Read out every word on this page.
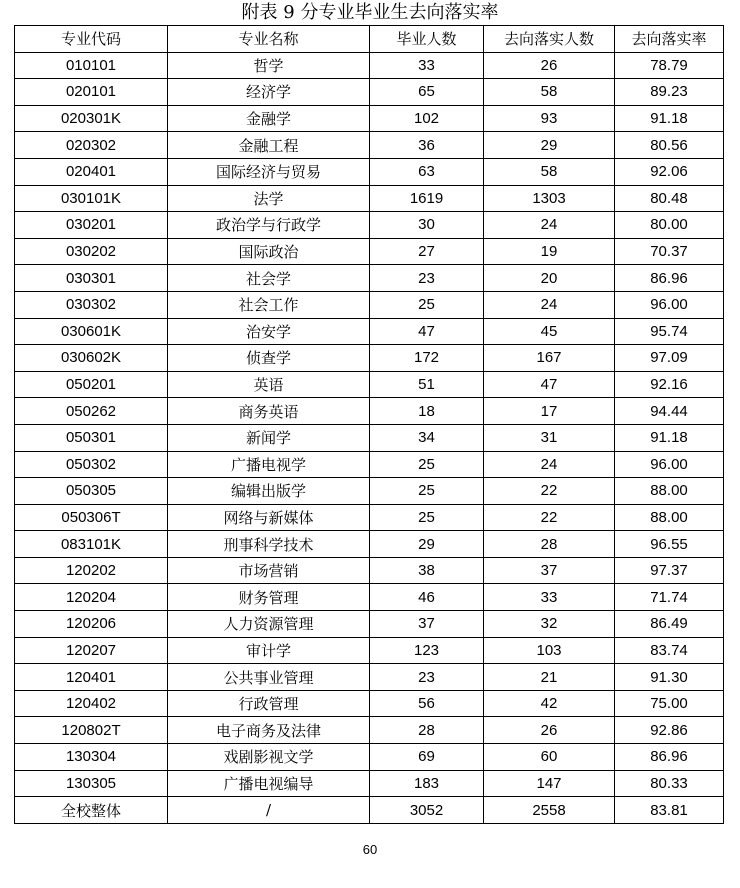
附表 9 分专业毕业生去向落实率
专业代码	专业名称	毕业人数	去向落实人数	去向落实率
010101	哲学	33	26	78.79
020101	经济学	65	58	89.23
020301K	金融学	102	93	91.18
020302	金融工程	36	29	80.56
020401	国际经济与贸易	63	58	92.06
030101K	法学	1619	1303	80.48
030201	政治学与行政学	30	24	80.00
030202	国际政治	27	19	70.37
030301	社会学	23	20	86.96
030302	社会工作	25	24	96.00
030601K	治安学	47	45	95.74
030602K	侦查学	172	167	97.09
050201	英语	51	47	92.16
050262	商务英语	18	17	94.44
050301	新闻学	34	31	91.18
050302	广播电视学	25	24	96.00
050305	编辑出版学	25	22	88.00
050306T	网络与新媒体	25	22	88.00
083101K	刑事科学技术	29	28	96.55
120202	市场营销	38	37	97.37
120204	财务管理	46	33	71.74
120206	人力资源管理	37	32	86.49
120207	审计学	123	103	83.74
120401	公共事业管理	23	21	91.30
120402	行政管理	56	42	75.00
120802T	电子商务及法律	28	26	92.86
130304	戏剧影视文学	69	60	86.96
130305	广播电视编导	183	147	80.33
全校整体	/	3052	2558	83.81
60
